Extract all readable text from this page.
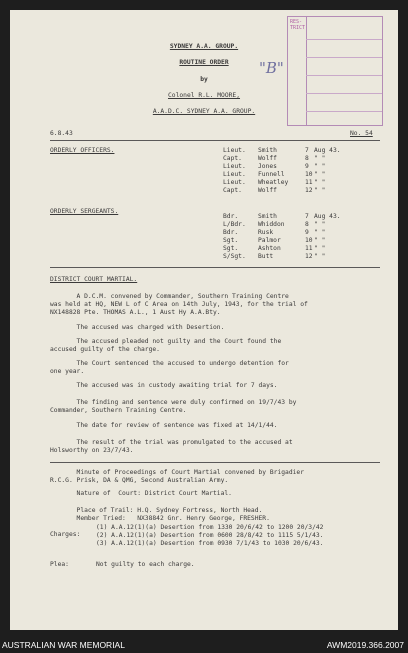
RES- TRICT
SYDNEY A.A. GROUP.
ROUTINE ORDER	"B"
by
Colonel R.L. MOORE,
A.A.D.C. SYDNEY A.A. GROUP.
6.8.43	No. 54
ORDERLY OFFICERS.	Lieut. Smith	7 Aug 43.
Capt.	Wolff	8 " "
Lieut. Jones	9 " "
Lieut. Funnell	10 " "
Lieut. Wheatley	11 " "
Capt.	Wolff	12 " "
ORDERLY SERGEANTS.
Bdr.	Smith	7 Aug 43.
L/Bdr. Whiddon	8 " "
Bdr.	Rusk	9 " "
Sgt.	Palmor	10 " "
Sgt.	Ashton	11 " "
S/Sgt. Butt	12 " "
DISTRICT COURT MARTIAL.
A D.C.M. convened by Commander, Southern Training Centre
was held at HQ, NEW L of C Area on 14th July, 1943, for the trial of
NX148828 Pte. THOMAS A.L., 1 Aust Hy A.A.Bty.
The accused was charged with Desertion.
The accused pleaded not guilty and the Court found the
accused guilty of the charge.
The Court sentenced the accused to undergo detention for
one year.
The accused was in custody awaiting trial for 7 days.
The finding and sentence were duly confirmed on 19/7/43 by
Commander, Southern Training Centre.
The date for review of sentence was fixed at 14/1/44.
The result of the trial was promulgated to the accused at
Holsworthy on 23/7/43.
Minute of Proceedings of Court Martial convened by Brigadier
R.C.G. Prisk, DA & QMG, Second Australian Army.
Nature of  Court: District Court Martial.
Place of Trail: H.Q. Sydney Fortress, North Head.
Member Tried:   NX38842 Gnr. Henry George, FRESHER.
Charges:
(1) A.A.12(1)(a) Desertion from 1330 20/6/42 to 1200 20/3/42
(2) A.A.12(1)(a) Desertion from 0600 28/8/42 to 1115 5/1/43.
(3) A.A.12(1)(a) Desertion from 0930 7/1/43 to 1030 20/6/43.
Plea:	Not guilty to each charge.
AUSTRALIAN WAR MEMORIAL	AWM2019.366.2007
